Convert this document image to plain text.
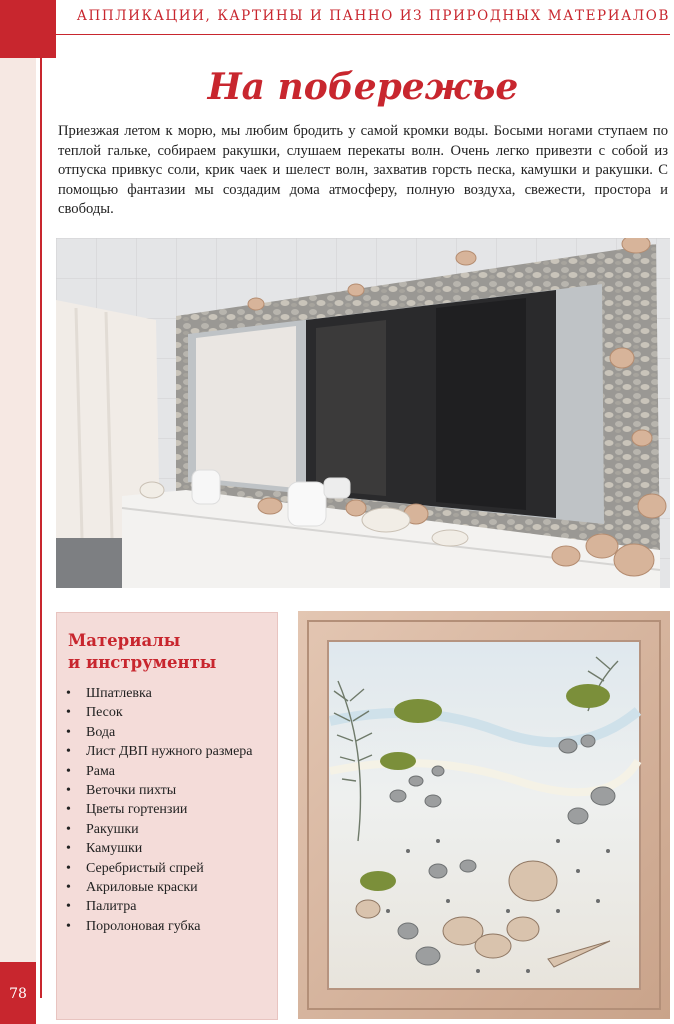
78
АППЛИКАЦИИ, КАРТИНЫ И ПАННО ИЗ ПРИРОДНЫХ МАТЕРИАЛОВ
На побережье
Приезжая летом к морю, мы любим бродить у самой кромки воды. Босыми ногами ступаем по теплой гальке, собираем ракушки, слушаем перекаты волн. Очень легко привезти с собой из отпуска привкус соли, крик чаек и шелест волн, захватив горсть песка, камушки и ракушки. С помощью фантазии мы создадим дома атмосферу, полную воздуха, свежести, простора и свободы.
Материалы
и инструменты
• Шпатлевка
• Песок
• Вода
• Лист ДВП нужного размера
• Рама
• Веточки пихты
• Цветы гортензии
• Ракушки
• Камушки
• Серебристый спрей
• Акриловые краски
• Палитра
• Поролоновая губка
